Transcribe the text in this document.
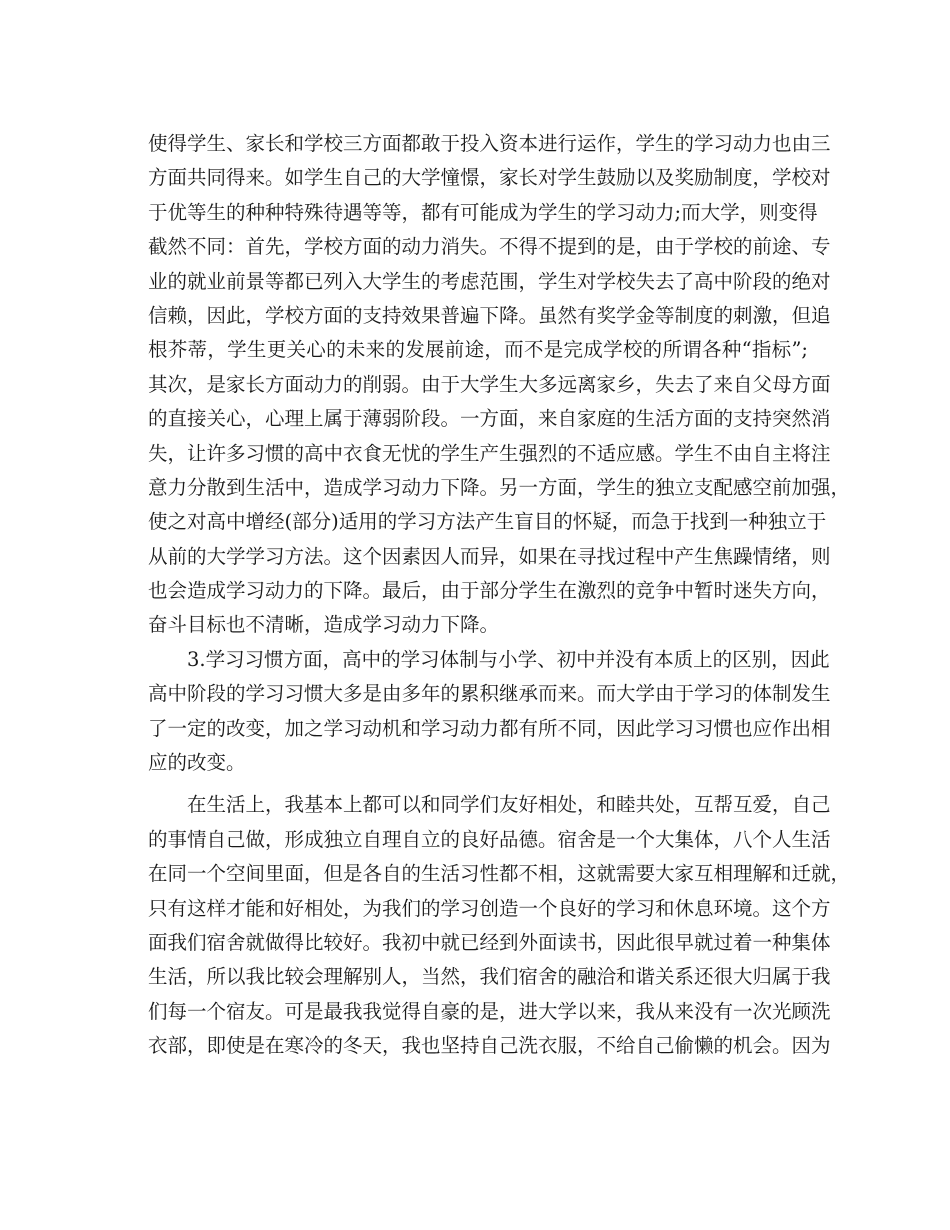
使得学生、家长和学校三方面都敢于投入资本进行运作，学生的学习动力也由三
方面共同得来。如学生自己的大学憧憬，家长对学生鼓励以及奖励制度，学校对
于优等生的种种特殊待遇等等，都有可能成为学生的学习动力;而大学，则变得
截然不同：首先，学校方面的动力消失。不得不提到的是，由于学校的前途、专
业的就业前景等都已列入大学生的考虑范围，学生对学校失去了高中阶段的绝对
信赖，因此，学校方面的支持效果普遍下降。虽然有奖学金等制度的刺激，但追
根芥蒂，学生更关心的未来的发展前途，而不是完成学校的所谓各种“指标”;
其次，是家长方面动力的削弱。由于大学生大多远离家乡，失去了来自父母方面
的直接关心，心理上属于薄弱阶段。一方面，来自家庭的生活方面的支持突然消
失，让许多习惯的高中衣食无忧的学生产生强烈的不适应感。学生不由自主将注
意力分散到生活中，造成学习动力下降。另一方面，学生的独立支配感空前加强，
使之对高中增经(部分)适用的学习方法产生盲目的怀疑，而急于找到一种独立于
从前的大学学习方法。这个因素因人而异，如果在寻找过程中产生焦躁情绪，则
也会造成学习动力的下降。最后，由于部分学生在激烈的竞争中暂时迷失方向，
奋斗目标也不清晰，造成学习动力下降。
3.学习习惯方面，高中的学习体制与小学、初中并没有本质上的区别，因此
高中阶段的学习习惯大多是由多年的累积继承而来。而大学由于学习的体制发生
了一定的改变，加之学习动机和学习动力都有所不同，因此学习习惯也应作出相
应的改变。
在生活上，我基本上都可以和同学们友好相处，和睦共处，互帮互爱，自己
的事情自己做，形成独立自理自立的良好品德。宿舍是一个大集体，八个人生活
在同一个空间里面，但是各自的生活习性都不相，这就需要大家互相理解和迁就，
只有这样才能和好相处，为我们的学习创造一个良好的学习和休息环境。这个方
面我们宿舍就做得比较好。我初中就已经到外面读书，因此很早就过着一种集体
生活，所以我比较会理解别人，当然，我们宿舍的融洽和谐关系还很大归属于我
们每一个宿友。可是最我我觉得自豪的是，进大学以来，我从来没有一次光顾洗
衣部，即使是在寒冷的冬天，我也坚持自己洗衣服，不给自己偷懒的机会。因为
